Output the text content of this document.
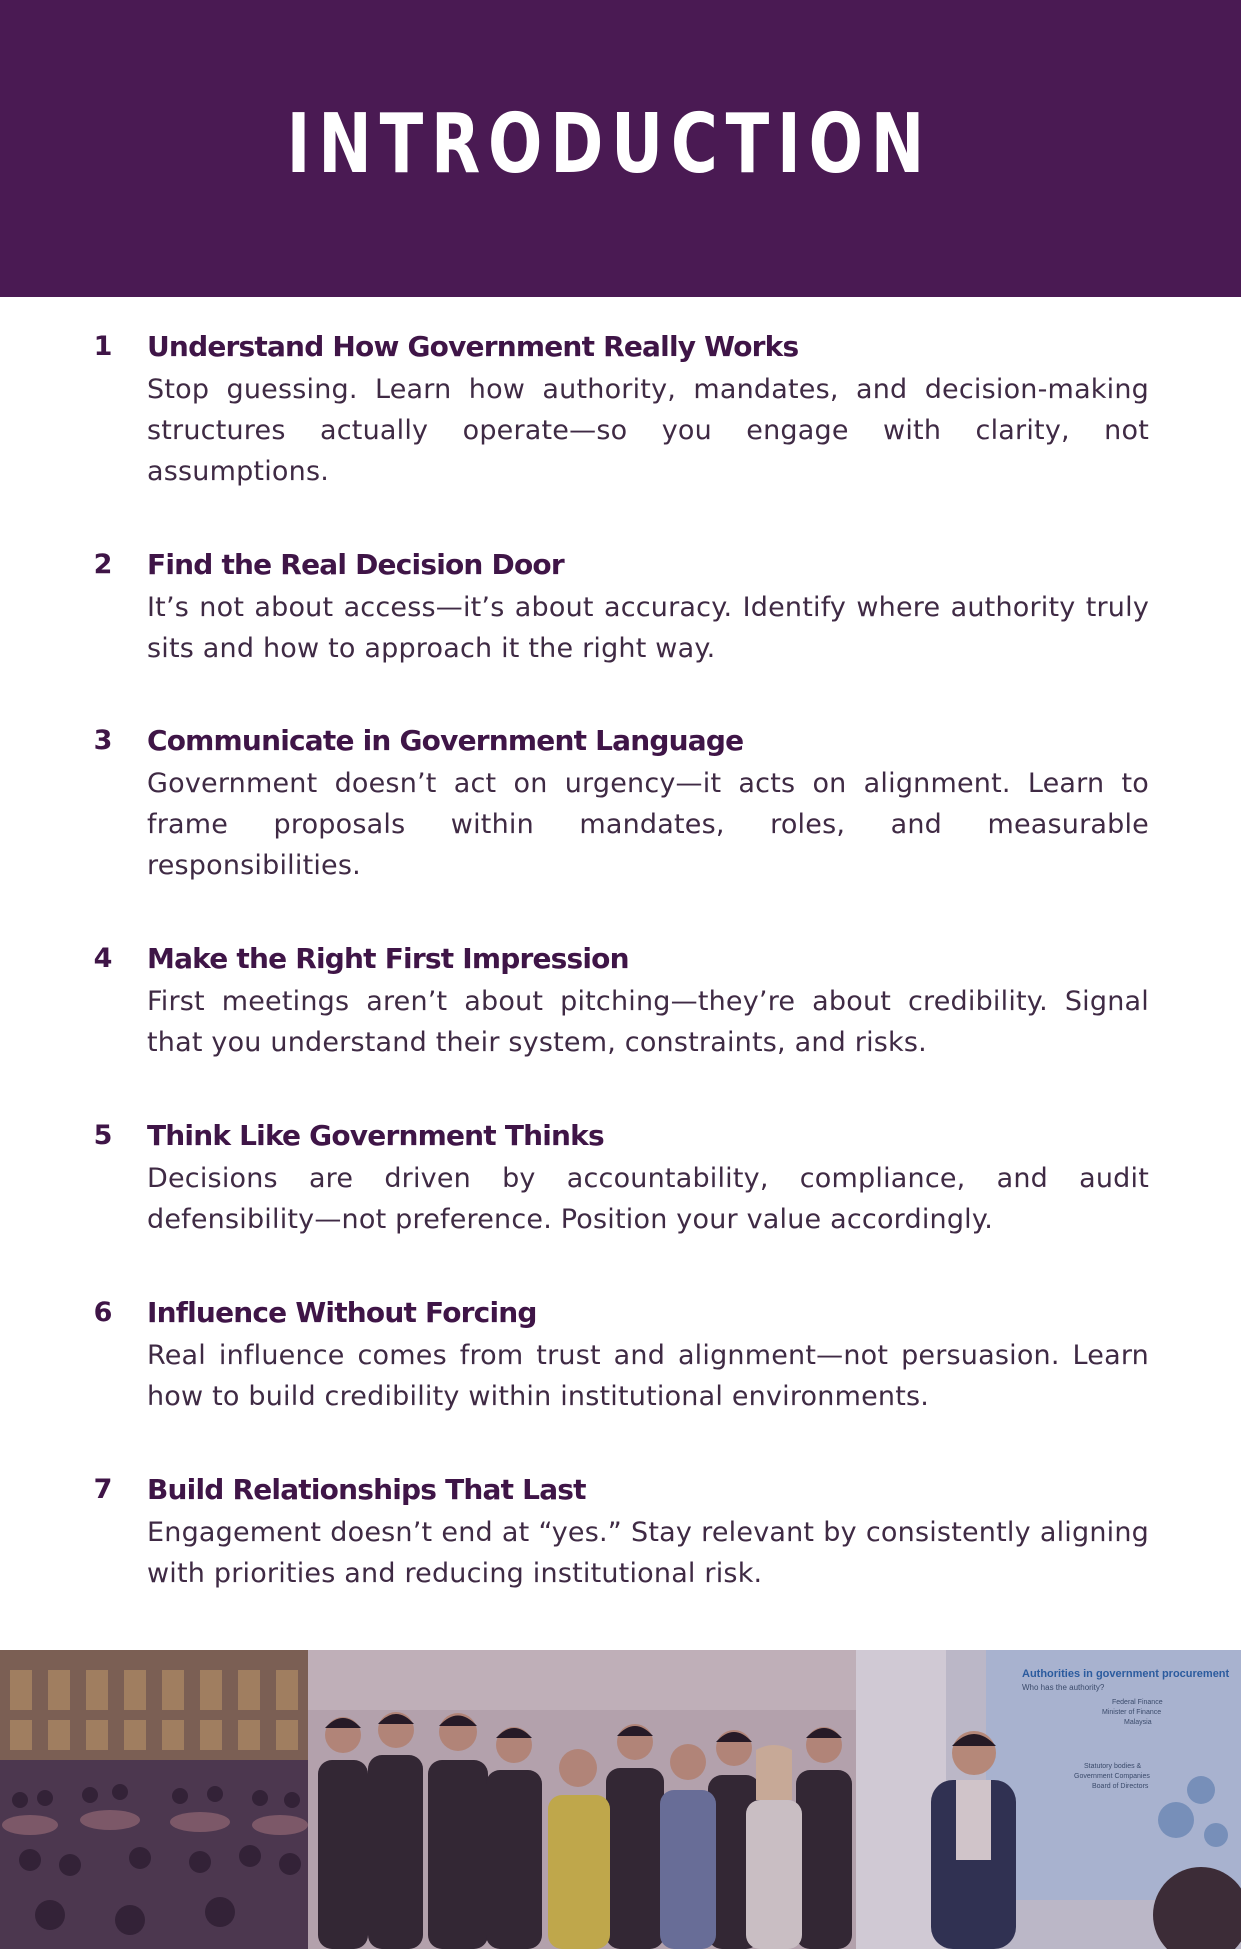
INTRODUCTION
1 Understand How Government Really Works
Stop guessing. Learn how authority, mandates, and decision-making structures actually operate—so you engage with clarity, not assumptions.
2 Find the Real Decision Door
It’s not about access—it’s about accuracy. Identify where authority truly sits and how to approach it the right way.
3 Communicate in Government Language
Government doesn’t act on urgency—it acts on alignment. Learn to frame proposals within mandates, roles, and measurable responsibilities.
4 Make the Right First Impression
First meetings aren’t about pitching—they’re about credibility. Signal that you understand their system, constraints, and risks.
5 Think Like Government Thinks
Decisions are driven by accountability, compliance, and audit defensibility—not preference. Position your value accordingly.
6 Influence Without Forcing
Real influence comes from trust and alignment—not persuasion. Learn how to build credibility within institutional environments.
7 Build Relationships That Last
Engagement doesn’t end at “yes.” Stay relevant by consistently aligning with priorities and reducing institutional risk.
Authorities in government procurement
Who has the authority?
Federal Finance
Minister of Finance
Malaysia
Statutory bodies &
Government Companies
Board of Directors
